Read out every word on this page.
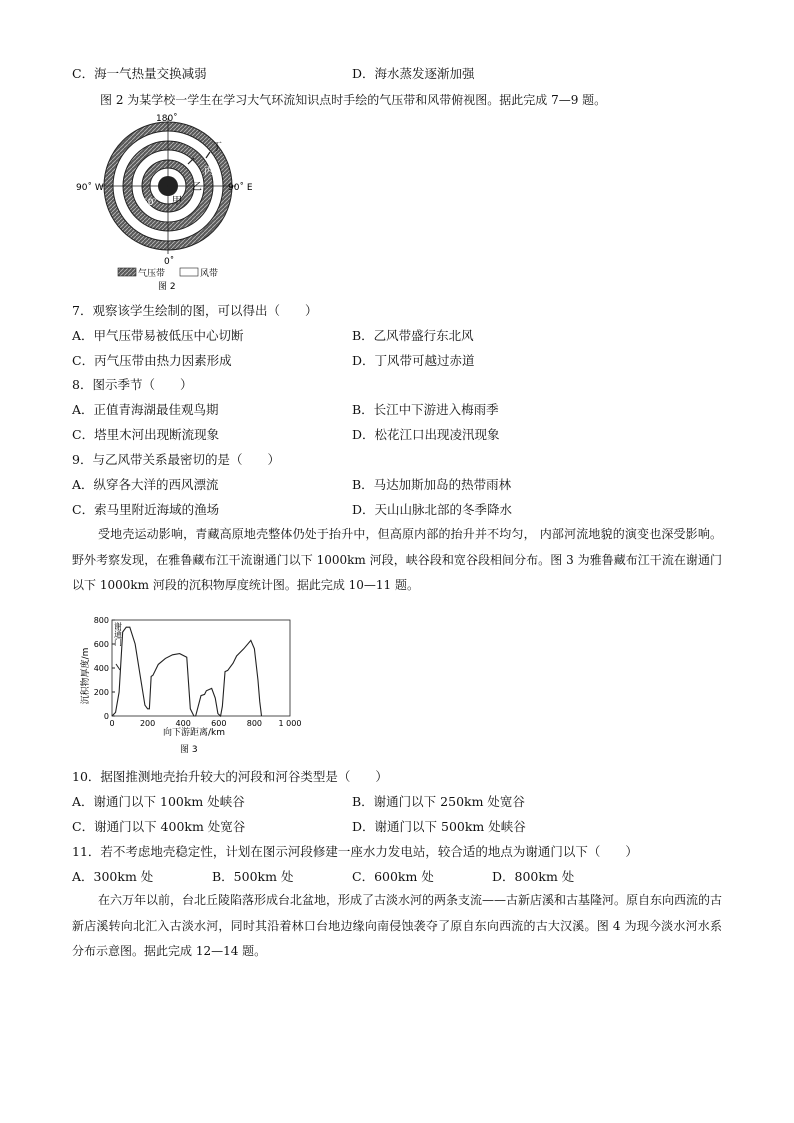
C．海一气热量交换减弱	D．海水蒸发逐渐加强
图 2 为某学校一学生在学习大气环流知识点时手绘的气压带和风带俯视图。据此完成 7—9 题。
180˚
0˚
90˚ W	90˚ E
60˚
丁
丙
乙
甲
气压带	风带
图 2
7．观察该学生绘制的图，可以得出（　　）
A．甲气压带易被低压中心切断	B．乙风带盛行东北风
C．丙气压带由热力因素形成	D．丁风带可越过赤道
8．图示季节（　　）
A．正值青海湖最佳观鸟期	B．长江中下游进入梅雨季
C．塔里木河出现断流现象	D．松花江口出现凌汛现象
9．与乙风带关系最密切的是（　　）
A．纵穿各大洋的西风漂流	B．马达加斯加岛的热带雨林
C．索马里附近海域的渔场	D．天山山脉北部的冬季降水
受地壳运动影响，青藏高原地壳整体仍处于抬升中，但高原内部的抬升并不均匀， 内部河流地貌的演变也深受影响。野外考察发现，在雅鲁藏布江干流谢通门以下 1000km 河段，峡谷段和宽谷段相间分布。图 3 为雅鲁藏布江干流在谢通门以下 1000km 河段的沉积物厚度统计图。据此完成 10—11 题。
沉积物厚度/m
向下游距离/km
图 3
0
200
400
600
800
0	200	400	600	800 1 000
谢通门
10．据图推测地壳抬升较大的河段和河谷类型是（　　）
A．谢通门以下 100km 处峡谷	B．谢通门以下 250km 处宽谷
C．谢通门以下 400km 处宽谷	D．谢通门以下 500km 处峡谷
11．若不考虑地壳稳定性，计划在图示河段修建一座水力发电站，较合适的地点为谢通门以下（　　）
A．300km 处	B．500km 处	C．600km 处	D．800km 处
在六万年以前，台北丘陵陷落形成台北盆地，形成了古淡水河的两条支流——古新店溪和古基隆河。原自东向西流的古新店溪转向北汇入古淡水河，同时其沿着林口台地边缘向南侵蚀袭夺了原自东向西流的古大汉溪。图 4 为现今淡水河水系分布示意图。据此完成 12—14 题。
